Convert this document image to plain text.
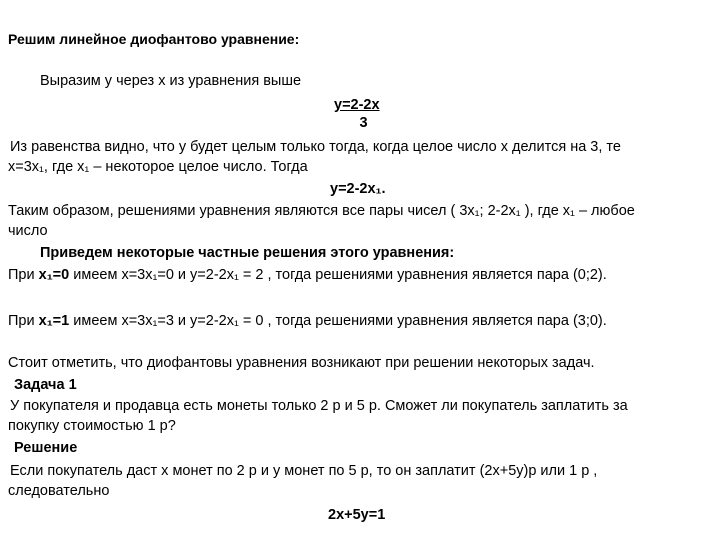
Решим линейное диофантово уравнение:
Выразим y через x из уравнения выше
$\frac{y=2-2x}{3}$
Из равенства видно, что y будет целым только тогда, когда целое число x делится на 3, те
x=3x₁, где x₁ – некоторое целое число. Тогда
y=2-2x₁.
Таким образом, решениями уравнения являются все пары чисел ( 3x₁; 2-2x₁ ), где x₁ – любое
число
Приведем некоторые частные решения этого уравнения:
При x₁=0 имеем x=3x₁=0 и y=2-2x₁ = 2 , тогда решениями уравнения является пара (0;2).
При x₁=1 имеем x=3x₁=3 и y=2-2x₁ = 0 , тогда решениями уравнения является пара (3;0).
Стоит отметить, что диофантовы уравнения возникают при решении некоторых задач.
Задача 1
У покупателя и продавца есть монеты только 2 р и 5 р. Сможет ли покупатель заплатить за
покупку стоимостью 1 р?
Решение
Если покупатель даст x монет по 2 р и y монет по 5 р, то он заплатит (2x+5y)р или 1 р ,
следовательно
2x+5y=1
